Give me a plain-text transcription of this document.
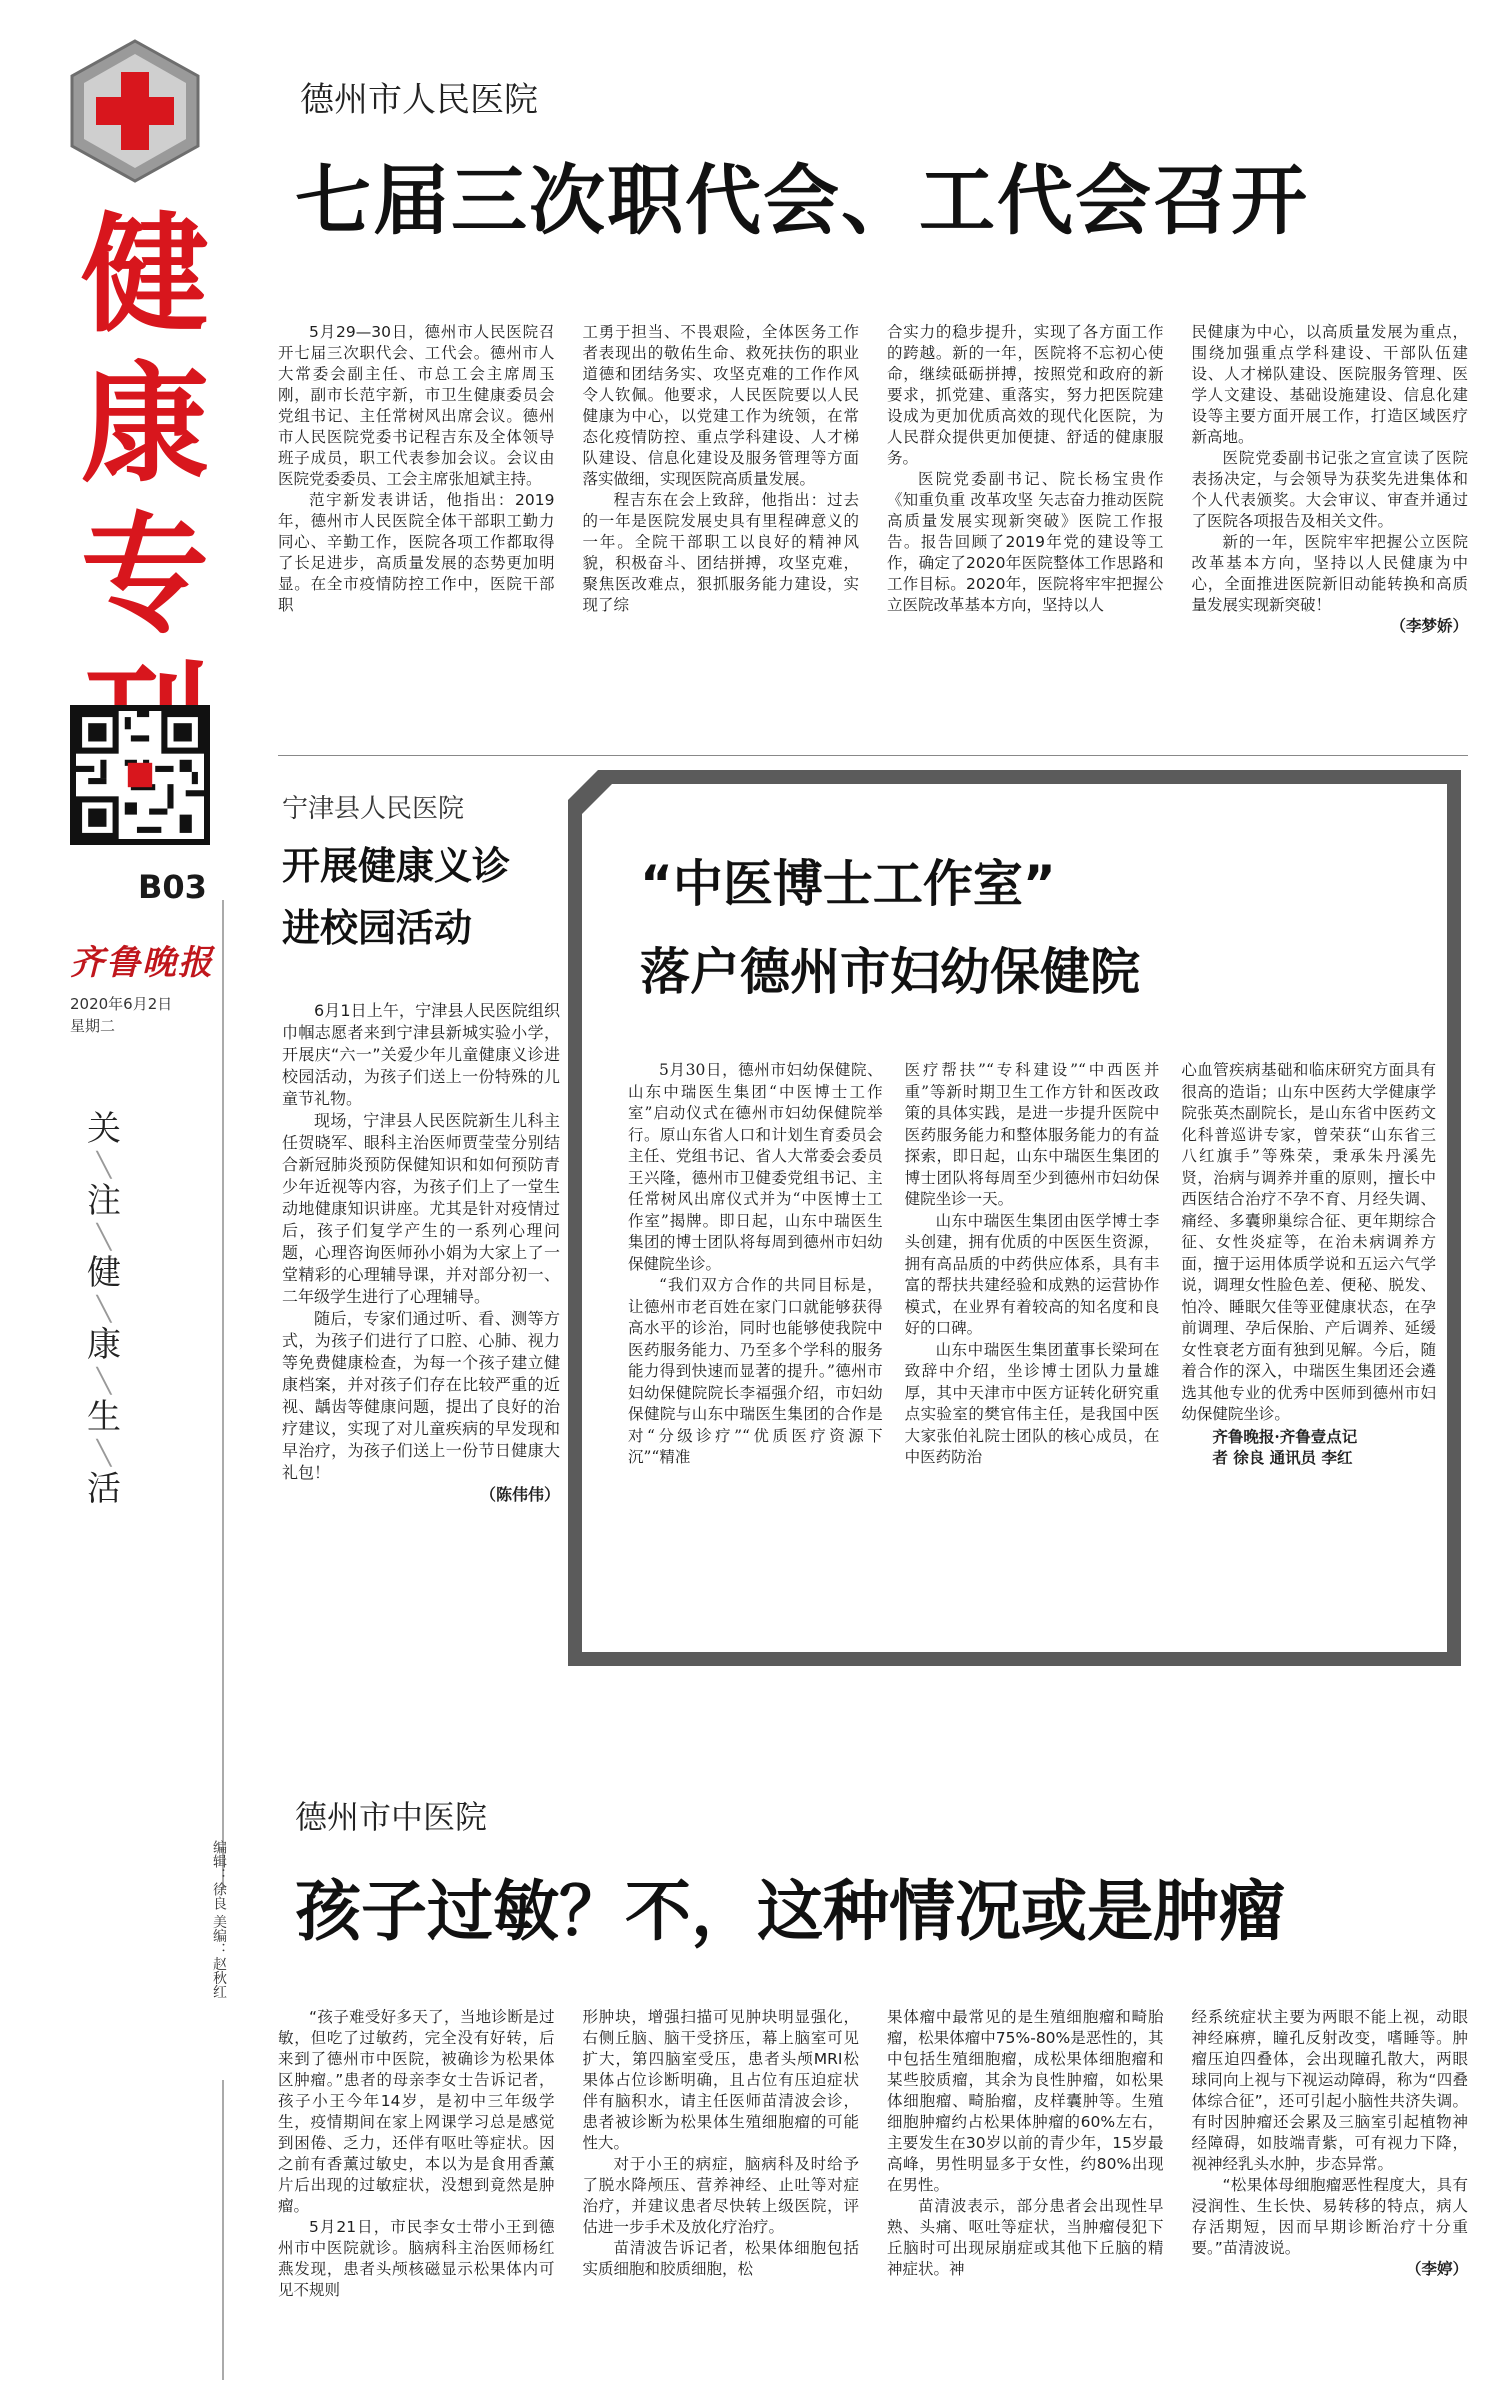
健
康
专
B03
齐鲁晚报
2020年6月2日
星期二
关
╲
注
╲
健
╲
康
╲
生
╲
活
编辑：徐良 美编：赵秋红
德州市人民医院
七届三次职代会、工代会召开

5月29—30日，德州市人民医院召开七届三次职代会、工代会。德州市人大常委会副主任、市总工会主席周玉刚，副市长范宇新，市卫生健康委员会党组书记、主任常树风出席会议。德州市人民医院党委书记程吉东及全体领导班子成员，职工代表参加会议。会议由医院党委委员、工会主席张旭斌主持。

范宇新发表讲话，他指出：2019年，德州市人民医院全体干部职工勤力同心、辛勤工作，医院各项工作都取得了长足进步，高质量发展的态势更加明显。在全市疫情防控工作中，医院干部职

工勇于担当、不畏艰险，全体医务工作者表现出的敬佑生命、救死扶伤的职业道德和团结务实、攻坚克难的工作作风令人钦佩。他要求，人民医院要以人民健康为中心，以党建工作为统领，在常态化疫情防控、重点学科建设、人才梯队建设、信息化建设及服务管理等方面落实做细，实现医院高质量发展。

程吉东在会上致辞，他指出：过去的一年是医院发展史具有里程碑意义的一年。全院干部职工以良好的精神风貌，积极奋斗、团结拼搏，攻坚克难，聚焦医改难点，狠抓服务能力建设，实现了综

合实力的稳步提升，实现了各方面工作的跨越。新的一年，医院将不忘初心使命，继续砥砺拼搏，按照党和政府的新要求，抓党建、重落实，努力把医院建设成为更加优质高效的现代化医院，为人民群众提供更加便捷、舒适的健康服务。

医院党委副书记、院长杨宝贵作《知重负重 改革攻坚 矢志奋力推动医院高质量发展实现新突破》医院工作报告。报告回顾了2019年党的建设等工作，确定了2020年医院整体工作思路和工作目标。2020年，医院将牢牢把握公立医院改革基本方向，坚持以人

民健康为中心，以高质量发展为重点，围绕加强重点学科建设、干部队伍建设、人才梯队建设、医院服务管理、医学人文建设、基础设施建设、信息化建设等主要方面开展工作，打造区域医疗新高地。

医院党委副书记张之宣宣读了医院表扬决定，与会领导为获奖先进集体和个人代表颁奖。大会审议、审查并通过了医院各项报告及相关文件。

新的一年，医院牢牢把握公立医院改革基本方向，坚持以人民健康为中心，全面推进医院新旧动能转换和高质量发展实现新突破！

（李梦娇）
宁津县人民医院
开展健康义诊
进校园活动

6月1日上午，宁津县人民医院组织巾帼志愿者来到宁津县新城实验小学，开展庆“六一”关爱少年儿童健康义诊进校园活动，为孩子们送上一份特殊的儿童节礼物。

现场，宁津县人民医院新生儿科主任贺晓军、眼科主治医师贾莹莹分别结合新冠肺炎预防保健知识和如何预防青少年近视等内容，为孩子们上了一堂生动地健康知识讲座。尤其是针对疫情过后，孩子们复学产生的一系列心理问题，心理咨询医师孙小娟为大家上了一堂精彩的心理辅导课，并对部分初一、二年级学生进行了心理辅导。

随后，专家们通过听、看、测等方式，为孩子们进行了口腔、心肺、视力等免费健康检查，为每一个孩子建立健康档案，并对孩子们存在比较严重的近视、龋齿等健康问题，提出了良好的治疗建议，实现了对儿童疾病的早发现和早治疗，为孩子们送上一份节日健康大礼包！

（陈伟伟）
“中医博士工作室”
落户德州市妇幼保健院

5月30日，德州市妇幼保健院、山东中瑞医生集团“中医博士工作室”启动仪式在德州市妇幼保健院举行。原山东省人口和计划生育委员会主任、党组书记、省人大常委会委员王兴隆，德州市卫健委党组书记、主任常树风出席仪式并为“中医博士工作室”揭牌。即日起，山东中瑞医生集团的博士团队将每周到德州市妇幼保健院坐诊。

“我们双方合作的共同目标是，让德州市老百姓在家门口就能够获得高水平的诊治，同时也能够使我院中医药服务能力、乃至多个学科的服务能力得到快速而显著的提升。”德州市妇幼保健院院长李福强介绍，市妇幼保健院与山东中瑞医生集团的合作是对“分级诊疗”“优质医疗资源下沉”“精准

医疗帮扶”“专科建设”“中西医并重”等新时期卫生工作方针和医改政策的具体实践，是进一步提升医院中医药服务能力和整体服务能力的有益探索，即日起，山东中瑞医生集团的博士团队将每周至少到德州市妇幼保健院坐诊一天。

山东中瑞医生集团由医学博士李头创建，拥有优质的中医医生资源，拥有高品质的中药供应体系，具有丰富的帮扶共建经验和成熟的运营协作模式，在业界有着较高的知名度和良好的口碑。

山东中瑞医生集团董事长梁珂在致辞中介绍，坐诊博士团队力量雄厚，其中天津市中医方证转化研究重点实验室的樊官伟主任，是我国中医大家张伯礼院士团队的核心成员，在中医药防治

心血管疾病基础和临床研究方面具有很高的造诣；山东中医药大学健康学院张英杰副院长，是山东省中医药文化科普巡讲专家，曾荣获“山东省三八红旗手”等殊荣，秉承朱丹溪先贤，治病与调养并重的原则，擅长中西医结合治疗不孕不育、月经失调、痛经、多囊卵巢综合征、更年期综合征、女性炎症等，在治未病调养方面，擅于运用体质学说和五运六气学说，调理女性脸色差、便秘、脱发、怕冷、睡眠欠佳等亚健康状态，在孕前调理、孕后保胎、产后调养、延缓女性衰老方面有独到见解。今后，随着合作的深入，中瑞医生集团还会遴选其他专业的优秀中医师到德州市妇幼保健院坐诊。

齐鲁晚报·齐鲁壹点记
者 徐良 通讯员 李红
德州市中医院
孩子过敏？不，这种情况或是肿瘤

“孩子难受好多天了，当地诊断是过敏，但吃了过敏药，完全没有好转，后来到了德州市中医院，被确诊为松果体区肿瘤。”患者的母亲李女士告诉记者，孩子小王今年14岁，是初中三年级学生，疫情期间在家上网课学习总是感觉到困倦、乏力，还伴有呕吐等症状。因之前有香薰过敏史，本以为是食用香薰片后出现的过敏症状，没想到竟然是肿瘤。

5月21日，市民李女士带小王到德州市中医院就诊。脑病科主治医师杨红燕发现，患者头颅核磁显示松果体内可见不规则

形肿块，增强扫描可见肿块明显强化，右侧丘脑、脑干受挤压，幕上脑室可见扩大，第四脑室受压，患者头颅MRI松果体占位诊断明确，且占位有压迫症状伴有脑积水，请主任医师苗清波会诊，患者被诊断为松果体生殖细胞瘤的可能性大。

对于小王的病症，脑病科及时给予了脱水降颅压、营养神经、止吐等对症治疗，并建议患者尽快转上级医院，评估进一步手术及放化疗治疗。

苗清波告诉记者，松果体细胞包括实质细胞和胶质细胞，松

果体瘤中最常见的是生殖细胞瘤和畸胎瘤，松果体瘤中75%-80%是恶性的，其中包括生殖细胞瘤，成松果体细胞瘤和某些胶质瘤，其余为良性肿瘤，如松果体细胞瘤、畸胎瘤，皮样囊肿等。生殖细胞肿瘤约占松果体肿瘤的60%左右，主要发生在30岁以前的青少年，15岁最高峰，男性明显多于女性，约80%出现在男性。

苗清波表示，部分患者会出现性早熟、头痛、呕吐等症状，当肿瘤侵犯下丘脑时可出现尿崩症或其他下丘脑的精神症状。神

经系统症状主要为两眼不能上视，动眼神经麻痹，瞳孔反射改变，嗜睡等。肿瘤压迫四叠体，会出现瞳孔散大，两眼球同向上视与下视运动障碍，称为“四叠体综合征”，还可引起小脑性共济失调。有时因肿瘤还会累及三脑室引起植物神经障碍，如肢端青紫，可有视力下降，视神经乳头水肿，步态异常。

“松果体母细胞瘤恶性程度大，具有浸润性、生长快、易转移的特点，病人存活期短，因而早期诊断治疗十分重要。”苗清波说。

（李婷）
